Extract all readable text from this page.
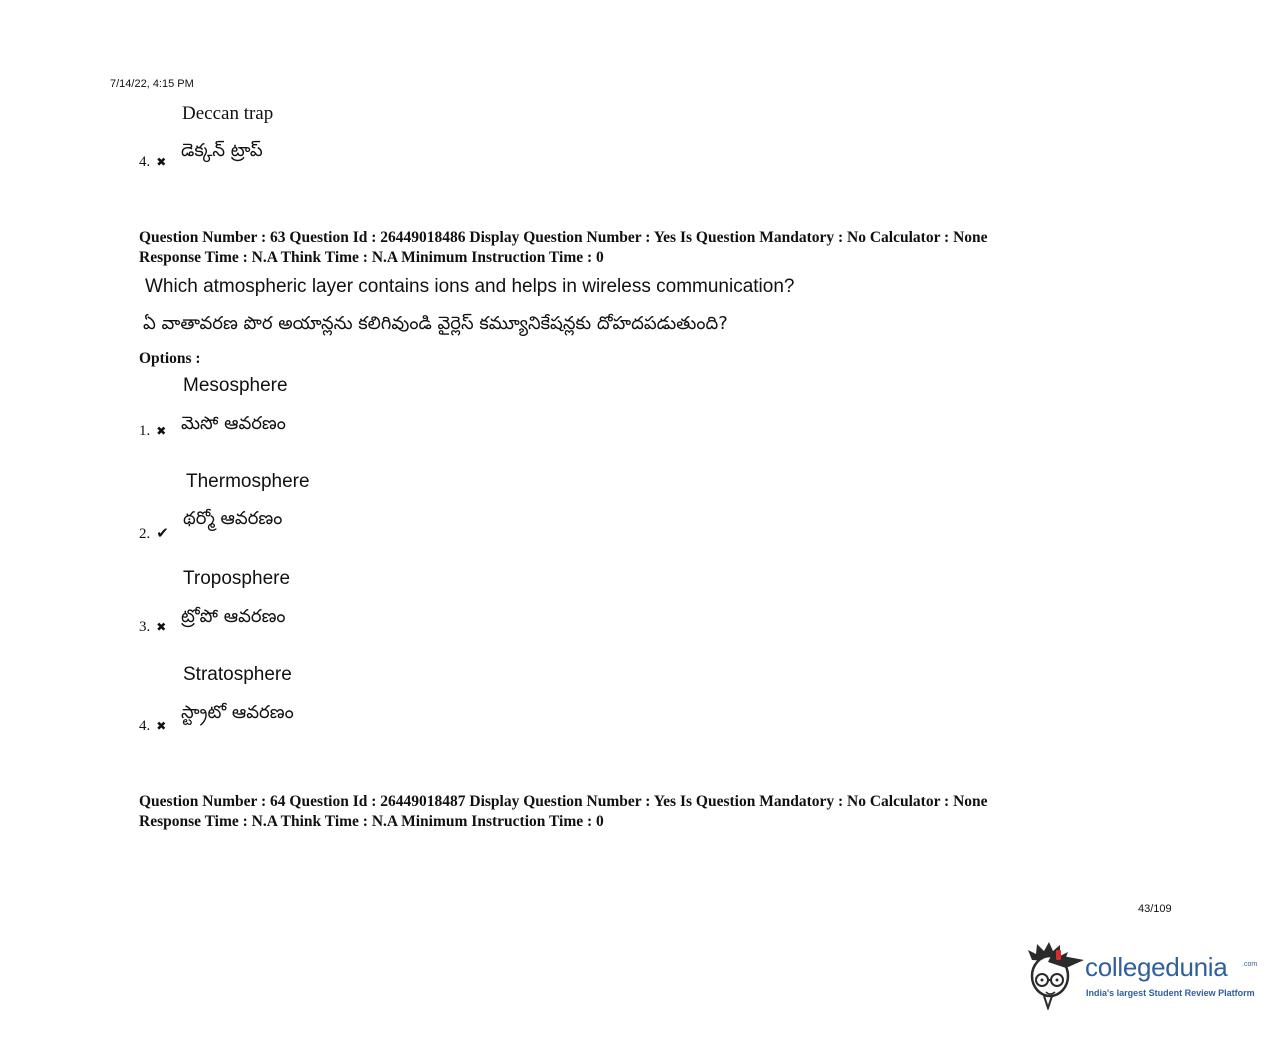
7/14/22, 4:15 PM
Deccan trap
4. ✖
డెక్కన్ ట్రాప్
Question Number : 63 Question Id : 26449018486 Display Question Number : Yes Is Question Mandatory : No Calculator : None
Response Time : N.A Think Time : N.A Minimum Instruction Time : 0
Which atmospheric layer contains ions and helps in wireless communication?
ఏ వాతావరణ పొర అయాన్లను కలిగివుండి వైర్లెస్ కమ్యూనికేషన్లకు దోహదపడుతుంది?
Options :
Mesosphere
1. ✖ మెసో ఆవరణం
Thermosphere
2. ✔
థర్మో ఆవరణం
Troposphere
3. ✖ ట్రోపో ఆవరణం
Stratosphere
4. ✖
స్ట్రాటో ఆవరణం
Question Number : 64 Question Id : 26449018487 Display Question Number : Yes Is Question Mandatory : No Calculator : None
Response Time : N.A Think Time : N.A Minimum Instruction Time : 0
43/109
collegedunia .com
India's largest Student Review Platform
